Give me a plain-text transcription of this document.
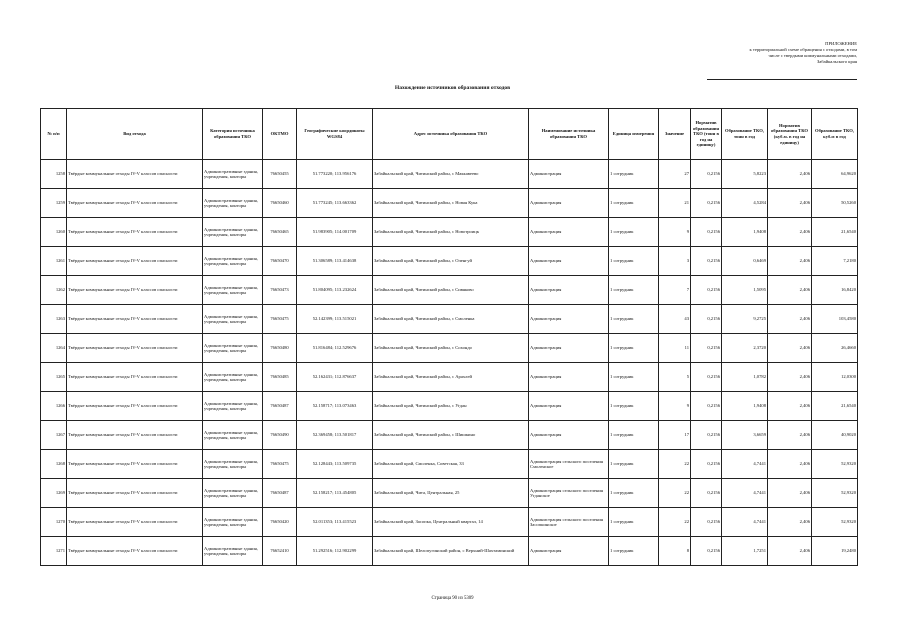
ПРИЛОЖЕНИЕ
к территориальной схеме обращения с отходами, в том
числе с твердыми коммунальными отходами,
Забайкальского края
Нахождение источников образования отходов
№ п/п	Вид отхода	Категория источника образования ТКО	ОКТМО	Географические координаты WGS84	Адрес источника образования ТКО	Наименование источника образования ТКО	Единица измерения	Значение	Норматив образования ТКО (тонн в год на единицу)	Образование ТКО, тонн в год	Норматив образования ТКО (куб.м. в год на единицу)	Образование ТКО, куб.м в год
1258	Твёрдые коммунальные отходы IV-V классов опасности	Административные здания, учреждения, конторы	76650455	51.773220; 113.956176	Забайкальский край, Читинский район, с Маккавеево	Администрация	1 сотрудник	27	0,2156	5,8223	2,406	64,9620
1259	Твёрдые коммунальные отходы IV-V классов опасности	Административные здания, учреждения, конторы	76650460	51.773245; 113.663362	Забайкальский край, Читинский район, с Новая Кука	Администрация	1 сотрудник	21	0,2156	4,5284	2,406	50,5260
1260	Твёрдые коммунальные отходы IV-V классов опасности	Административные здания, учреждения, конторы	76650465	51.983905; 114.001709	Забайкальский край, Читинский район, с Новотроицк	Администрация	1 сотрудник	9	0,2156	1,9408	2,406	21,6540
1261	Твёрдые коммунальные отходы IV-V классов опасности	Административные здания, учреждения, конторы	76650470	51.306589; 113.414638	Забайкальский край, Читинский район, с Оленгуй	Администрация	1 сотрудник	3	0,2156	0,6469	2,406	7,2180
1262	Твёрдые коммунальные отходы IV-V классов опасности	Административные здания, учреждения, конторы	76650473	51.804095; 113.232624	Забайкальский край, Читинский район, с Сивяково	Администрация	1 сотрудник	7	0,2156	1,5095	2,406	16,8420
1263	Твёрдые коммунальные отходы IV-V классов опасности	Административные здания, учреждения, конторы	76650475	52.142399; 113.515021	Забайкальский край, Читинский район, с Смоленка	Администрация	1 сотрудник	43	0,2156	9,2725	2,406	103,4580
1264	Твёрдые коммунальные отходы IV-V классов опасности	Административные здания, учреждения, конторы	76650480	51.816484; 112.529676	Забайкальский край, Читинский район, с Сохондо	Администрация	1 сотрудник	11	0,2156	2,3720	2,406	26,4660
1265	Твёрдые коммунальные отходы IV-V классов опасности	Административные здания, учреждения, конторы	76650485	52.162431; 112.876637	Забайкальский край, Читинский район, с Арахлей	Администрация	1 сотрудник	5	0,2156	1,0782	2,406	12,0300
1266	Твёрдые коммунальные отходы IV-V классов опасности	Административные здания, учреждения, конторы	76650487	52.158717; 113.073463	Забайкальский край, Читинский район, с Угдан	Администрация	1 сотрудник	9	0,2156	1,9408	2,406	21,6540
1267	Твёрдые коммунальные отходы IV-V классов опасности	Административные здания, учреждения, конторы	76650490	52.369458; 113.501817	Забайкальский край, Читинский район, с Шишкино	Администрация	1 сотрудник	17	0,2156	3,6659	2,406	40,9020
1268	Твёрдые коммунальные отходы IV-V классов опасности	Административные здания, учреждения, конторы	76650475	52.128443; 113.509735	Забайкальский край, Смоленка, Советская, 33	Администрация сельского поселения Смоленское	1 сотрудник	22	0,2156	4,7441	2,406	52,9320
1269	Твёрдые коммунальные отходы IV-V классов опасности	Административные здания, учреждения, конторы	76650487	52.158217; 113.454805	Забайкальский край, Чита, Центральная, 25	Администрация сельского поселения Угданское	1 сотрудник	22	0,2156	4,7441	2,406	52,9320
1270	Твёрдые коммунальные отходы IV-V классов опасности	Административные здания, учреждения, конторы	76650420	52.011353; 113.415523	Забайкальский край, Засопка, Центральный квартал, 14	Администрация сельского поселения Засопкинское	1 сотрудник	22	0,2156	4,7441	2,406	52,9320
1271	Твёрдые коммунальные отходы IV-V классов опасности	Административные здания, учреждения, конторы	76652410	51.292516; 112.902299	Забайкальский край, Шелопугинский район, с Верхний-Шахтаминский	Администрация	1 сотрудник	8	0,2156	1,7251	2,406	19,2480
Страница 90 из 5309
